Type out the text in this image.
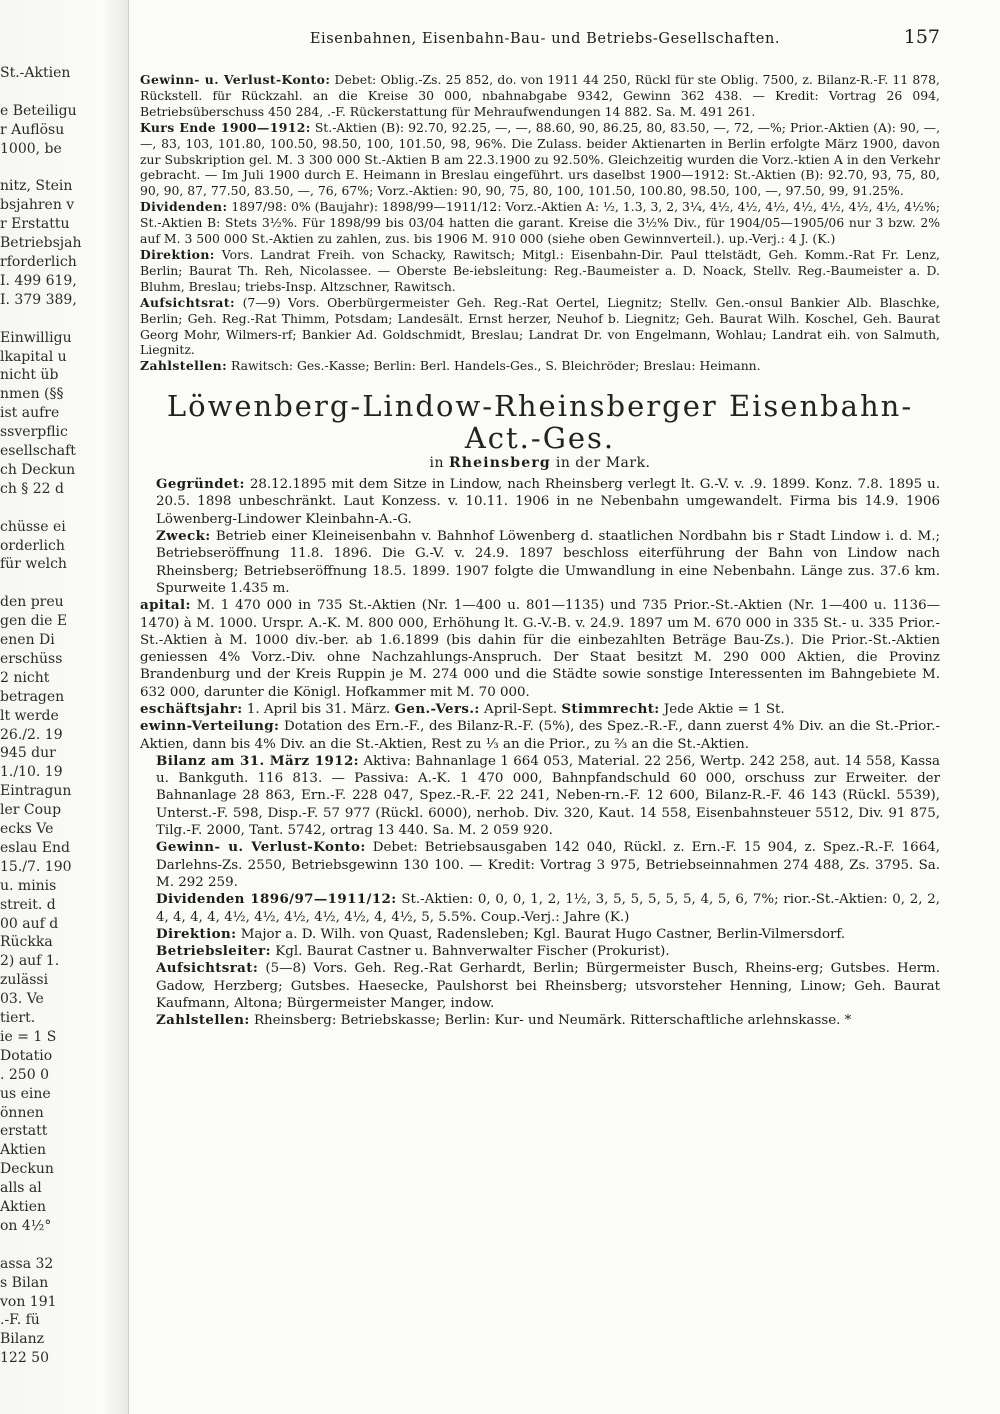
St.-Aktien
e Beteiligu
r Auflösu
1000, be
nitz, Stein
bsjahren v
r Erstattu
Betriebsjah
rforderlich
I. 499 619,
I. 379 389,
Einwilligu
lkapital u
nicht üb
nmen (§§
ist aufre
ssverpflic
esellschaft
ch Deckun
ch § 22 d
chüsse ei
orderlich
für welch
den preu
gen die E
enen Di
erschüss
2 nicht
betragen
lt werde
26./2. 19
945 dur
1./10. 19
Eintragun
ler Coup
ecks Ve
eslau End
15./7. 190
u. minis
streit. d
00 auf d
Rückka
2) auf 1.
zulässi
03. Ve
tiert.
ie = 1 S
Dotatio
. 250 0
us eine
önnen
erstatt
Aktien
Deckun
alls al
Aktien
on 4½°
assa 32
s Bilan
von 191
.-F. fü
Bilanz
122 50
Eisenbahnen, Eisenbahn-Bau- und Betriebs-Gesellschaften.	157

Gewinn- u. Verlust-Konto: Debet: Oblig.-Zs. 25 852, do. von 1911 44 250, Rückl für ste Oblig. 7500, z. Bilanz-R.-F. 11 878, Rückstell. für Rückzahl. an die Kreise 30 000, nbahnabgabe 9342, Gewinn 362 438. — Kredit: Vortrag 26 094, Betriebsüberschuss 450 284, .-F. Rückerstattung für Mehraufwendungen 14 882. Sa. M. 491 261.

Kurs Ende 1900—1912: St.-Aktien (B): 92.70, 92.25, —, —, 88.60, 90, 86.25, 80, 83.50, —, 72, —%; Prior.-Aktien (A): 90, —, —, 83, 103, 101.80, 100.50, 98.50, 100, 101.50, 98, 96%. Die Zulass. beider Aktienarten in Berlin erfolgte März 1900, davon zur Subskription gel. M. 3 300 000 St.-Aktien B am 22.3.1900 zu 92.50%. Gleichzeitig wurden die Vorz.-ktien A in den Verkehr gebracht. — Im Juli 1900 durch E. Heimann in Breslau eingeführt. urs daselbst 1900—1912: St.-Aktien (B): 92.70, 93, 75, 80, 90, 90, 87, 77.50, 83.50, —, 76, 67%; Vorz.-Aktien: 90, 90, 75, 80, 100, 101.50, 100.80, 98.50, 100, —, 97.50, 99, 91.25%.

Dividenden: 1897/98: 0% (Baujahr): 1898/99—1911/12: Vorz.-Aktien A: ½, 1.3, 3, 2, 3¼, 4½, 4½, 4½, 4½, 4½, 4½, 4½, 4½%; St.-Aktien B: Stets 3½%. Für 1898/99 bis 03/04 hatten die garant. Kreise die 3½% Div., für 1904/05—1905/06 nur 3 bzw. 2% auf M. 3 500 000 St.-Aktien zu zahlen, zus. bis 1906 M. 910 000 (siehe oben Gewinnverteil.). up.-Verj.: 4 J. (K.)

Direktion: Vors. Landrat Freih. von Schacky, Rawitsch; Mitgl.: Eisenbahn-Dir. Paul ttelstädt, Geh. Komm.-Rat Fr. Lenz, Berlin; Baurat Th. Reh, Nicolassee. — Oberste Be-iebsleitung: Reg.-Baumeister a. D. Noack, Stellv. Reg.-Baumeister a. D. Bluhm, Breslau; triebs-Insp. Altzschner, Rawitsch.

Aufsichtsrat: (7—9) Vors. Oberbürgermeister Geh. Reg.-Rat Oertel, Liegnitz; Stellv. Gen.-onsul Bankier Alb. Blaschke, Berlin; Geh. Reg.-Rat Thimm, Potsdam; Landesält. Ernst herzer, Neuhof b. Liegnitz; Geh. Baurat Wilh. Koschel, Geh. Baurat Georg Mohr, Wilmers-rf; Bankier Ad. Goldschmidt, Breslau; Landrat Dr. von Engelmann, Wohlau; Landrat eih. von Salmuth, Liegnitz.

Zahlstellen: Rawitsch: Ges.-Kasse; Berlin: Berl. Handels-Ges., S. Bleichröder; Breslau: Heimann.

Löwenberg-Lindow-Rheinsberger Eisenbahn-Act.-Ges.
in Rheinsberg in der Mark.

Gegründet: 28.12.1895 mit dem Sitze in Lindow, nach Rheinsberg verlegt lt. G.-V. v. .9. 1899. Konz. 7.8. 1895 u. 20.5. 1898 unbeschränkt. Laut Konzess. v. 10.11. 1906 in ne Nebenbahn umgewandelt. Firma bis 14.9. 1906 Löwenberg-Lindower Kleinbahn-A.-G.

Zweck: Betrieb einer Kleineisenbahn v. Bahnhof Löwenberg d. staatlichen Nordbahn bis r Stadt Lindow i. d. M.; Betriebseröffnung 11.8. 1896. Die G.-V. v. 24.9. 1897 beschloss eiterführung der Bahn von Lindow nach Rheinsberg; Betriebseröffnung 18.5. 1899. 1907 folgte die Umwandlung in eine Nebenbahn. Länge zus. 37.6 km. Spurweite 1.435 m.

apital: M. 1 470 000 in 735 St.-Aktien (Nr. 1—400 u. 801—1135) und 735 Prior.-St.-Aktien (Nr. 1—400 u. 1136—1470) à M. 1000. Urspr. A.-K. M. 800 000, Erhöhung lt. G.-V.-B. v. 24.9. 1897 um M. 670 000 in 335 St.- u. 335 Prior.-St.-Aktien à M. 1000 div.-ber. ab 1.6.1899 (bis dahin für die einbezahlten Beträge Bau-Zs.). Die Prior.-St.-Aktien geniessen 4% Vorz.-Div. ohne Nachzahlungs-Anspruch. Der Staat besitzt M. 290 000 Aktien, die Provinz Brandenburg und der Kreis Ruppin je M. 274 000 und die Städte sowie sonstige Interessenten im Bahngebiete M. 632 000, darunter die Königl. Hofkammer mit M. 70 000.

eschäftsjahr: 1. April bis 31. März. Gen.-Vers.: April-Sept. Stimmrecht: Jede Aktie = 1 St.

ewinn-Verteilung: Dotation des Ern.-F., des Bilanz-R.-F. (5%), des Spez.-R.-F., dann zuerst 4% Div. an die St.-Prior.-Aktien, dann bis 4% Div. an die St.-Aktien, Rest zu ⅓ an die Prior., zu ⅔ an die St.-Aktien.

Bilanz am 31. März 1912: Aktiva: Bahnanlage 1 664 053, Material. 22 256, Wertp. 242 258, aut. 14 558, Kassa u. Bankguth. 116 813. — Passiva: A.-K. 1 470 000, Bahnpfandschuld 60 000, orschuss zur Erweiter. der Bahnanlage 28 863, Ern.-F. 228 047, Spez.-R.-F. 22 241, Neben-rn.-F. 12 600, Bilanz-R.-F. 46 143 (Rückl. 5539), Unterst.-F. 598, Disp.-F. 57 977 (Rückl. 6000), nerhob. Div. 320, Kaut. 14 558, Eisenbahnsteuer 5512, Div. 91 875, Tilg.-F. 2000, Tant. 5742, ortrag 13 440. Sa. M. 2 059 920.

Gewinn- u. Verlust-Konto: Debet: Betriebsausgaben 142 040, Rückl. z. Ern.-F. 15 904, z. Spez.-R.-F. 1664, Darlehns-Zs. 2550, Betriebsgewinn 130 100. — Kredit: Vortrag 3 975, Betriebseinnahmen 274 488, Zs. 3795. Sa. M. 292 259.

Dividenden 1896/97—1911/12: St.-Aktien: 0, 0, 0, 1, 2, 1½, 3, 5, 5, 5, 5, 5, 4, 5, 6, 7%; rior.-St.-Aktien: 0, 2, 2, 4, 4, 4, 4, 4½, 4½, 4½, 4½, 4½, 4, 4½, 5, 5.5%. Coup.-Verj.: Jahre (K.)

Direktion: Major a. D. Wilh. von Quast, Radensleben; Kgl. Baurat Hugo Castner, Berlin-Vilmersdorf.

Betriebsleiter: Kgl. Baurat Castner u. Bahnverwalter Fischer (Prokurist).

Aufsichtsrat: (5—8) Vors. Geh. Reg.-Rat Gerhardt, Berlin; Bürgermeister Busch, Rheins-erg; Gutsbes. Herm. Gadow, Herzberg; Gutsbes. Haesecke, Paulshorst bei Rheinsberg; utsvorsteher Henning, Linow; Geh. Baurat Kaufmann, Altona; Bürgermeister Manger, indow.

Zahlstellen: Rheinsberg: Betriebskasse; Berlin: Kur- und Neumärk. Ritterschaftliche arlehnskasse. *
